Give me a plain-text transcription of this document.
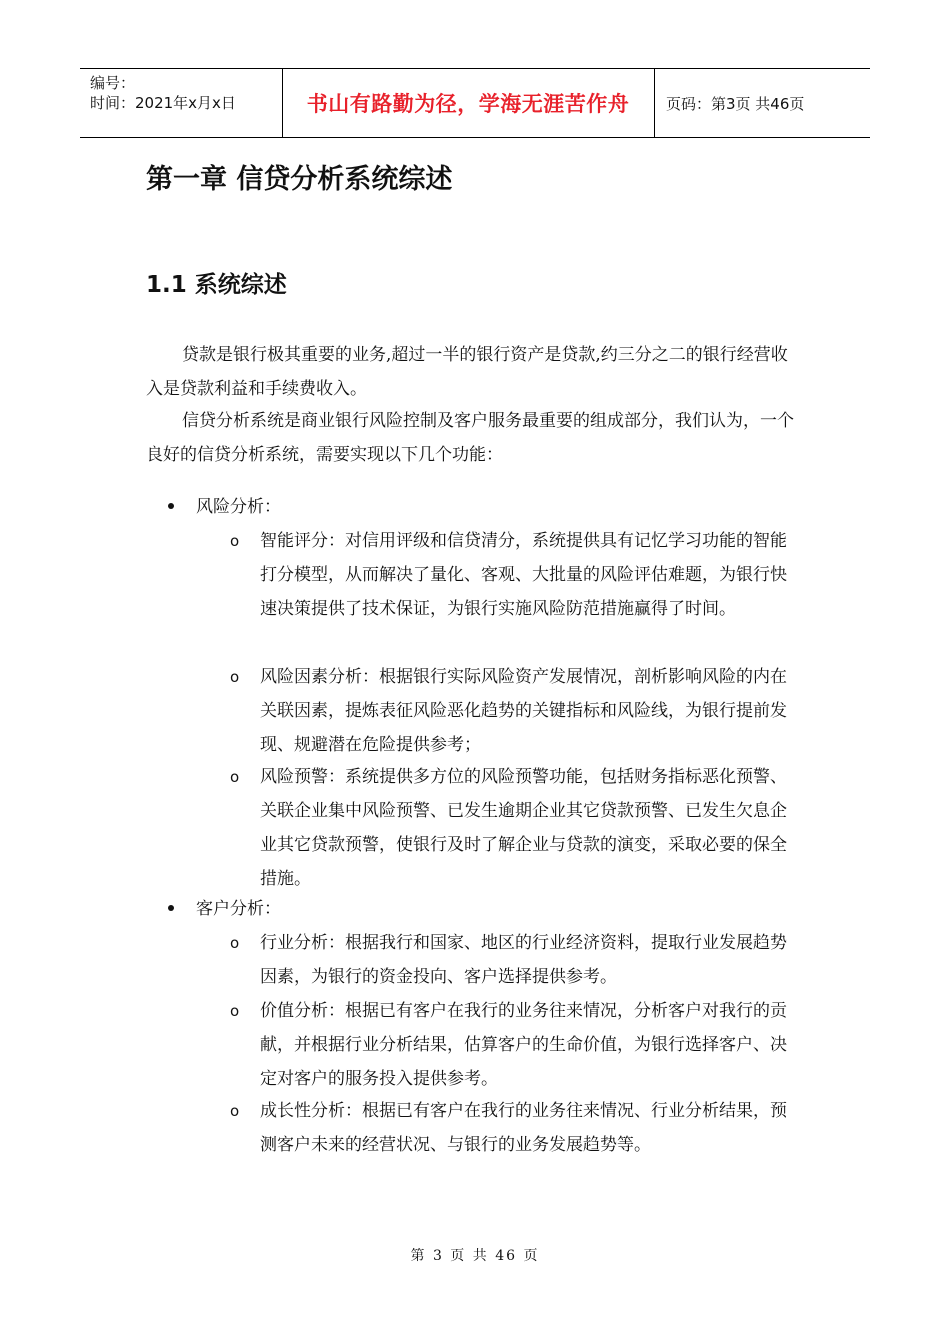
编号：
时间：2021年x月x日	书山有路勤为径，学海无涯苦作舟	页码：第3页 共46页
第一章 信贷分析系统综述
1.1 系统综述
贷款是银行极其重要的业务,超过一半的银行资产是贷款,约三分之二的银行经营收入是贷款利益和手续费收入。
信贷分析系统是商业银行风险控制及客户服务最重要的组成部分，我们认为，一个良好的信贷分析系统，需要实现以下几个功能：
风险分析：
o	智能评分：对信用评级和信贷清分，系统提供具有记忆学习功能的智能打分模型，从而解决了量化、客观、大批量的风险评估难题，为银行快速决策提供了技术保证，为银行实施风险防范措施赢得了时间。
o	风险因素分析：根据银行实际风险资产发展情况，剖析影响风险的内在关联因素，提炼表征风险恶化趋势的关键指标和风险线，为银行提前发现、规避潜在危险提供参考；
o	风险预警：系统提供多方位的风险预警功能，包括财务指标恶化预警、关联企业集中风险预警、已发生逾期企业其它贷款预警、已发生欠息企业其它贷款预警，使银行及时了解企业与贷款的演变，采取必要的保全措施。
客户分析：
o	行业分析：根据我行和国家、地区的行业经济资料，提取行业发展趋势因素，为银行的资金投向、客户选择提供参考。
o	价值分析：根据已有客户在我行的业务往来情况，分析客户对我行的贡献，并根据行业分析结果，估算客户的生命价值，为银行选择客户、决定对客户的服务投入提供参考。
o	成长性分析：根据已有客户在我行的业务往来情况、行业分析结果，预测客户未来的经营状况、与银行的业务发展趋势等。
第 3 页 共 46 页
